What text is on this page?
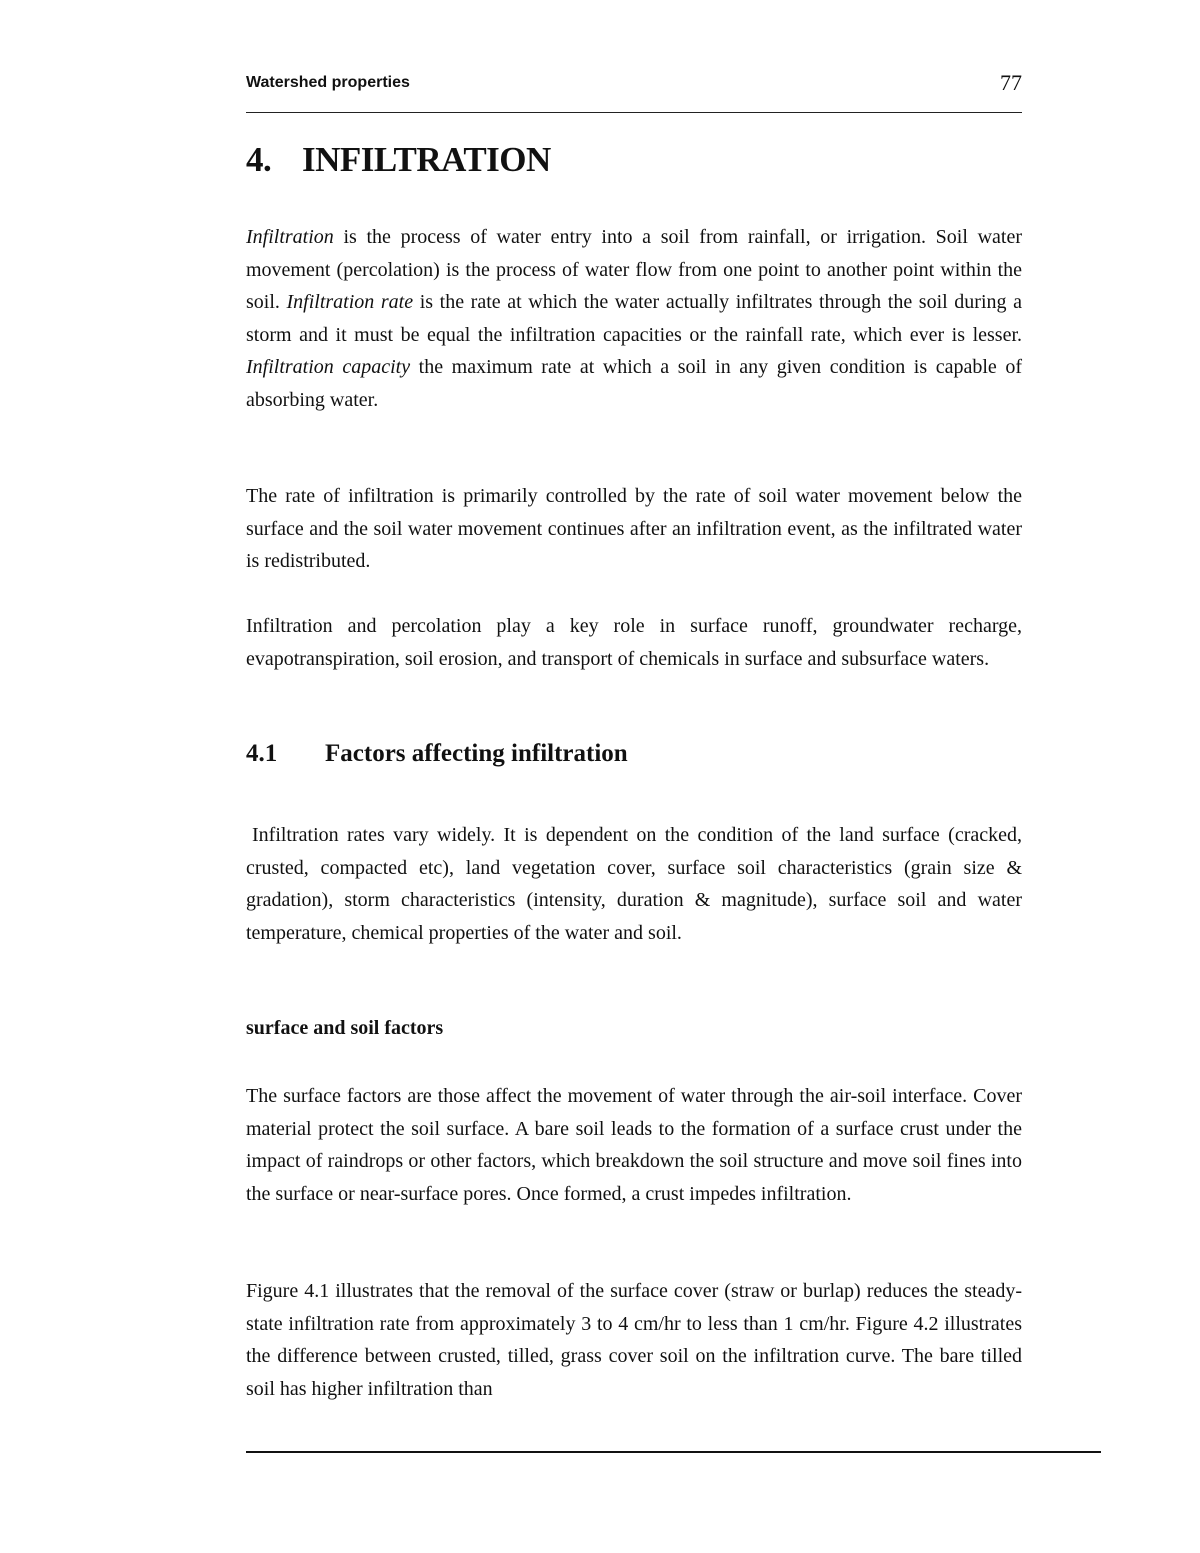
Watershed properties	77
4. INFILTRATION

Infiltration is the process of water entry into a soil from rainfall, or irrigation. Soil water movement (percolation) is the process of water flow from one point to another point within the soil. Infiltration rate is the rate at which the water actually infiltrates through the soil during a storm and it must be equal the infiltration capacities or the rainfall rate, which ever is lesser. Infiltration capacity the maximum rate at which a soil in any given condition is capable of absorbing water.

The rate of infiltration is primarily controlled by the rate of soil water movement below the surface and the soil water movement continues after an infiltration event, as the infiltrated water is redistributed.

Infiltration and percolation play a key role in surface runoff, groundwater recharge, evapotranspiration, soil erosion, and transport of chemicals in surface and subsurface waters.

4.1 Factors affecting infiltration

Infiltration rates vary widely. It is dependent on the condition of the land surface (cracked, crusted, compacted etc), land vegetation cover, surface soil characteristics (grain size & gradation), storm characteristics (intensity, duration & magnitude), surface soil and water temperature, chemical properties of the water and soil.

surface and soil factors

The surface factors are those affect the movement of water through the air-soil interface. Cover material protect the soil surface. A bare soil leads to the formation of a surface crust under the impact of raindrops or other factors, which breakdown the soil structure and move soil fines into the surface or near-surface pores. Once formed, a crust impedes infiltration.

Figure 4.1 illustrates that the removal of the surface cover (straw or burlap) reduces the steady-state infiltration rate from approximately 3 to 4 cm/hr to less than 1 cm/hr. Figure 4.2 illustrates the difference between crusted, tilled, grass cover soil on the infiltration curve. The bare tilled soil has higher infiltration than
